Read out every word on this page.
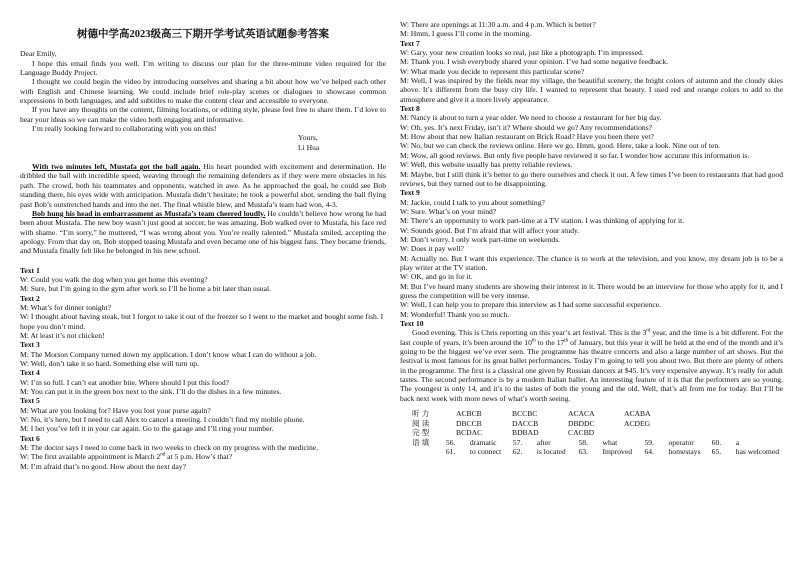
树德中学高2023级高三下期开学考试英语试题参考答案

Dear Emily,

I hope this email finds you well. I’m writing to discuss our plan for the three-minute video required for the Language Buddy Project.

I thought we could begin the video by introducing ourselves and sharing a bit about how we’ve helped each other with English and Chinese learning. We could include brief role-play scenes or dialogues to showcase common expressions in both languages, and add subtitles to make the content clear and accessible to everyone.

If you have any thoughts on the content, filming locations, or editing style, please feel free to share them. I’d love to hear your ideas so we can make the video both engaging and informative.

I’m really looking forward to collaborating with you on this!

Yours,

Li Hua

With two minutes left, Mustafa got the ball again. His heart pounded with excitement and determination. He dribbled the ball with incredible speed, weaving through the remaining defenders as if they were mere obstacles in his path. The crowd, both his teammates and opponents, watched in awe. As he approached the goal, he could see Bob standing there, his eyes wide with anticipation. Mustafa didn’t hesitate; he took a powerful shot, sending the ball flying past Bob’s outstretched hands and into the net. The final whistle blew, and Mustafa’s team had won, 4-3.

Bob hung his head in embarrassment as Mustafa’s team cheered loudly. He couldn’t believe how wrong he had been about Mustafa. The new boy wasn’t just good at soccer, he was amazing. Bob walked over to Mustafa, his face red with shame. “I’m sorry,” he muttered, “I was wrong about you. You’re really talented.” Mustafa smiled, accepting the apology. From that day on, Bob stopped teasing Mustafa and even became one of his biggest fans. They became friends, and Mustafa finally felt like he belonged in his new school.

Text 1

W: Could you walk the dog when you get home this evening?

M: Sure, but I’m going to the gym after work so I’ll be home a bit later than usual.

Text 2

M: What’s for dinner tonight?

W: I thought about having steak, but I forgot to take it out of the freezer so I went to the market and bought some fish. I hope you don’t mind.

M: At least it’s not chicken!

Text 3

M: The Morson Company turned down my application. I don’t know what I can do without a job.

W: Well, don’t take it so hard. Something else will turn up.

Text 4

W: I’m so full. I can’t eat another bite. Where should I put this food?

M: You can put it in the green box next to the sink. I’ll do the dishes in a few minutes.

Text 5

M: What are you looking for? Have you lost your purse again?

W: No, it’s here, but I need to call Alex to cancel a meeting. I couldn’t find my mobile phone.

M: I bet you’ve left it in your car again. Go to the garage and I’ll ring your number.

Text 6

M: The doctor says I need to come back in two weeks to check on my progress with the medicine.

W: The first available appointment is March 2nd at 5 p.m. How’s that?

M: I’m afraid that’s no good. How about the next day?

W: There are openings at 11:30 a.m. and 4 p.m. Which is better?

M: Hmm, I guess I’ll come in the morning.

Text 7

W: Gary, your new creation looks so real, just like a photograph. I’m impressed.

M: Thank you. I wish everybody shared your opinion. I’ve had some negative feedback.

W: What made you decide to represent this particular scene?

M: Well, I was inspired by the fields near my village, the beautiful scenery, the bright colors of autumn and the cloudy skies above. It’s different from the busy city life. I wanted to represent that beauty. I used red and orange colors to add to the atmosphere and give it a more lively appearance.

Text 8

M: Nancy is about to turn a year older. We need to choose a restaurant for her big day.

W: Oh, yes. It’s next Friday, isn’t it? Where should we go? Any recommendations?

M: How about that new Italian restaurant on Brick Road? Have you been there yet?

W: No, but we can check the reviews online. Here we go. Hmm, good. Here, take a look. Nine out of ten.

M: Wow, all good reviews. But only five people have reviewed it so far. I wonder how accurate this information is.

W: Well, this website usually has pretty reliable reviews.

M: Maybe, but I still think it’s better to go there ourselves and check it out. A few times I’ve been to restaurants that had good reviews, but they turned out to be disappointing.

Text 9

M: Jackie, could I talk to you about something?

W: Sure. What’s on your mind?

M: There’s an opportunity to work part-time at a TV station. I was thinking of applying for it.

W: Sounds good. But I’m afraid that will affect your study.

M: Don’t worry. I only work part-time on weekends.

W: Does it pay well?

M: Actually no. But I want this experience. The chance is to work at the television, and you know, my dream job is to be a play writer at the TV station.

W: OK, and go in for it.

M: But I’ve heard many students are showing their interest in it. There would be an interview for those who apply for it, and I guess the competition will be very intense.

W: Well, I can help you to prepare this interview as I had some successful experience.

M: Wonderful! Thank you so much.

Text 10

Good evening. This is Chris reporting on this year’s art festival. This is the 3rd year, and the time is a bit different. For the last couple of years, it’s been around the 10th to the 17th of January, but this year it will be held at the end of the month and it’s going to be the biggest we’ve ever seen. The programme has theatre concerts and also a large number of art shows. But the festival is most famous for its great ballet performances. Today I’m going to tell you about two. But there are plenty of others in the programme. The first is a classical one given by Russian dancers at $45. It’s very expensive anyway. It’s really for adult tastes. The second performance is by a modern Italian ballet. An interesting feature of it is that the performers are so young. The youngest is only 14, and it’s to the tastes of both the young and the old. Well, that’s all from me for today. But I’ll be back next week with more news of what’s worth seeing.

听力	ACBCB	BCCBC	ACACA	ACABA
阅读	DBCCB	DACCB	DBDDC	ACDEG
完型	BCDAC	BDBAD	CACBD	
语填	56.	dramatic	57.	after	58.	what	59.	operator	60.	a
	61.	to connect	62.	is located	63.	Improved	64.	homestays	65.	has welcomed
